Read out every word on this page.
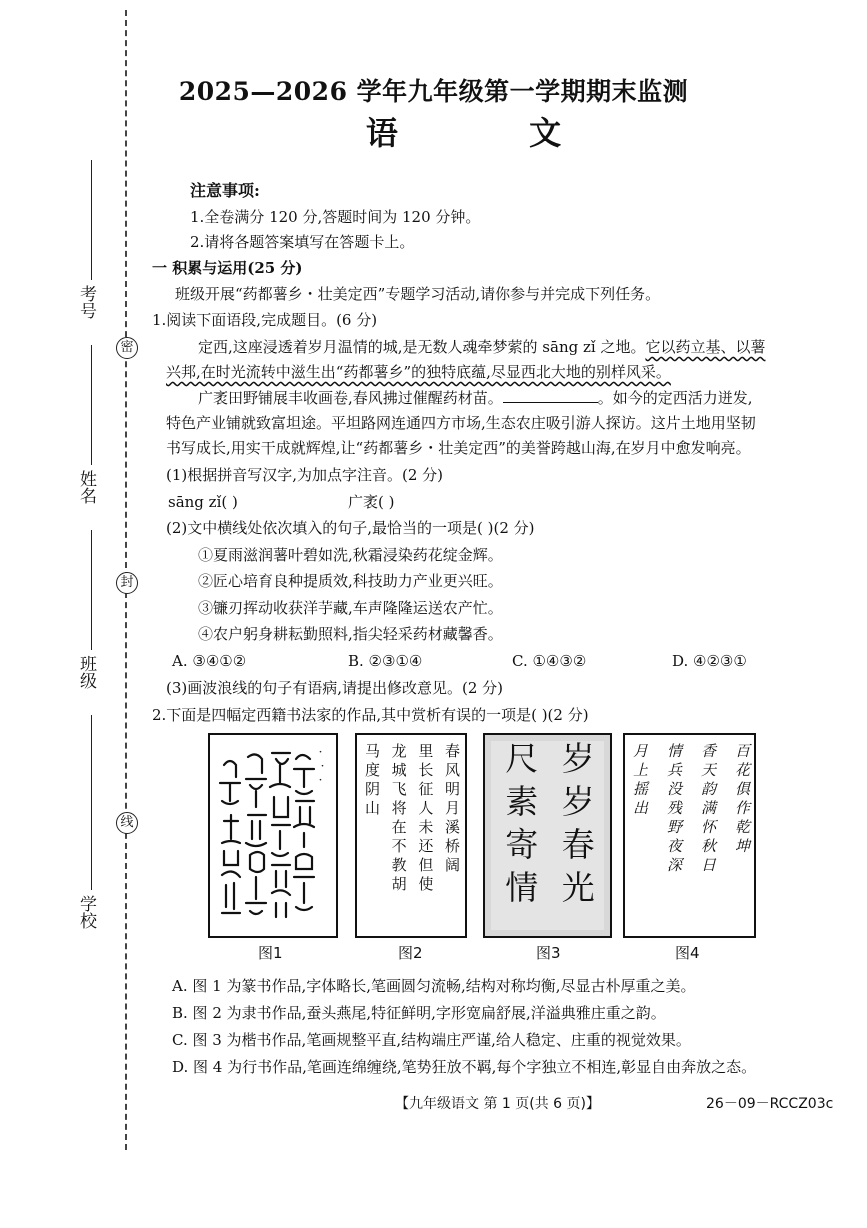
密
封
线
考号
姓名
班级
学校
2025—2026 学年九年级第一学期期末监测
语 文
注意事项:
1.全卷满分 120 分,答题时间为 120 分钟。
2.请将各题答案填写在答题卡上。
一 积累与运用(25 分)
班级开展“药都薯乡・壮美定西”专题学习活动,请你参与并完成下列任务。
1.阅读下面语段,完成题目。(6 分)
定西,这座浸透着岁月温情的城,是无数人魂牵梦萦的 sāng zǐ 之地。它以药立基、以薯
兴邦,在时光流转中滋生出“药都薯乡”的独特底蕴,尽显西北大地的别样风采。
广袤田野铺展丰收画卷,春风拂过催醒药材苗。	。如今的定西活力迸发,
特色产业铺就致富坦途。平坦路网连通四方市场,生态农庄吸引游人探访。这片土地用坚韧
书写成长,用实干成就辉煌,让“药都薯乡・壮美定西”的美誉跨越山海,在岁月中愈发响亮。
(1)根据拼音写汉字,为加点字注音。(2 分)
sāng zǐ( )	广袤( )
(2)文中横线处依次填入的句子,最恰当的一项是( )(2 分)
①夏雨滋润薯叶碧如洗,秋霜浸染药花绽金辉。
②匠心培育良种提质效,科技助力产业更兴旺。
③镰刃挥动收获洋芋藏,车声隆隆运送农产忙。
④农户躬身耕耘勤照料,指尖轻采药材藏馨香。
A. ③④①②	B. ②③①④	C. ①④③②	D. ④②③①
(3)画波浪线的句子有语病,请提出修改意见。(2 分)
2.下面是四幅定西籍书法家的作品,其中赏析有误的一项是( )(2 分)
・
・
・	春风明月溪桥阔
里长征人未还但使
龙城飞将在不教胡
马度阴山	岁岁春光
尺素寄情	百花俱作乾坤
香天韵满怀秋日
情兵没残野夜深
月上摇出
图1	图2	图3	图4
A. 图 1 为篆书作品,字体略长,笔画圆匀流畅,结构对称均衡,尽显古朴厚重之美。
B. 图 2 为隶书作品,蚕头燕尾,特征鲜明,字形宽扁舒展,洋溢典雅庄重之韵。
C. 图 3 为楷书作品,笔画规整平直,结构端庄严谨,给人稳定、庄重的视觉效果。
D. 图 4 为行书作品,笔画连绵缠绕,笔势狂放不羁,每个字独立不相连,彰显自由奔放之态。
【九年级语文 第 1 页(共 6 页)】	26－09－RCCZ03c
